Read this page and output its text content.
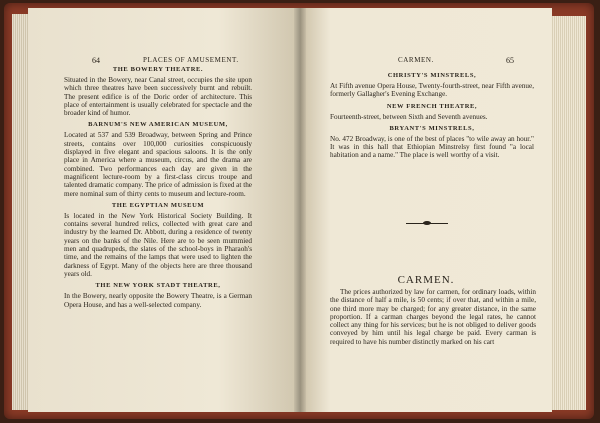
64	PLACES OF AMUSEMENT.
THE BOWERY THEATRE.

Situated in the Bowery, near Canal street, occupies the site upon which three theatres have been successively burnt and rebuilt. The present edifice is of the Doric order of architecture. This place of entertainment is usually celebrated for spectacle and the broader kind of humor.

BARNUM'S NEW AMERICAN MUSEUM,

Located at 537 and 539 Broadway, between Spring and Prince streets, contains over 100,000 curiosities conspicuously displayed in five elegant and spacious saloons. It is the only place in America where a museum, circus, and the drama are combined. Two performances each day are given in the magnificent lecture-room by a first-class circus troupe and talented dramatic company. The price of admission is fixed at the mere nominal sum of thirty cents to museum and lecture-room.

THE EGYPTIAN MUSEUM

Is located in the New York Historical Society Building. It contains several hundred relics, collected with great care and industry by the learned Dr. Abbott, during a residence of twenty years on the banks of the Nile. Here are to be seen mummied men and quadrupeds, the slates of the school-boys in Pharaoh's time, and the remains of the lamps that were used to lighten the darkness of Egypt. Many of the objects here are three thousand years old.

THE NEW YORK STADT THEATRE,

In the Bowery, nearly opposite the Bowery Theatre, is a German Opera House, and has a well-selected company.

CARMEN.	65
CARMEN.
CHRISTY'S MINSTRELS,

At Fifth avenue Opera House, Twenty-fourth-street, near Fifth avenue, formerly Gallagher's Evening Exchange.

NEW FRENCH THEATRE,

Fourteenth-street, between Sixth and Seventh avenues.

BRYANT'S MINSTRELS,

No. 472 Broadway, is one of the best of places "to wile away an hour." It was in this hall that Ethiopian Minstrelsy first found "a local habitation and a name." The place is well worthy of a visit.

The prices authorized by law for carmen, for ordinary loads, within the distance of half a mile, is 50 cents; if over that, and within a mile, one third more may be charged; for any greater distance, in the same proportion. If a carman charges beyond the legal rates, he cannot collect any thing for his services; but he is not obliged to deliver goods conveyed by him until his legal charge be paid. Every carman is required to have his number distinctly marked on his cart
